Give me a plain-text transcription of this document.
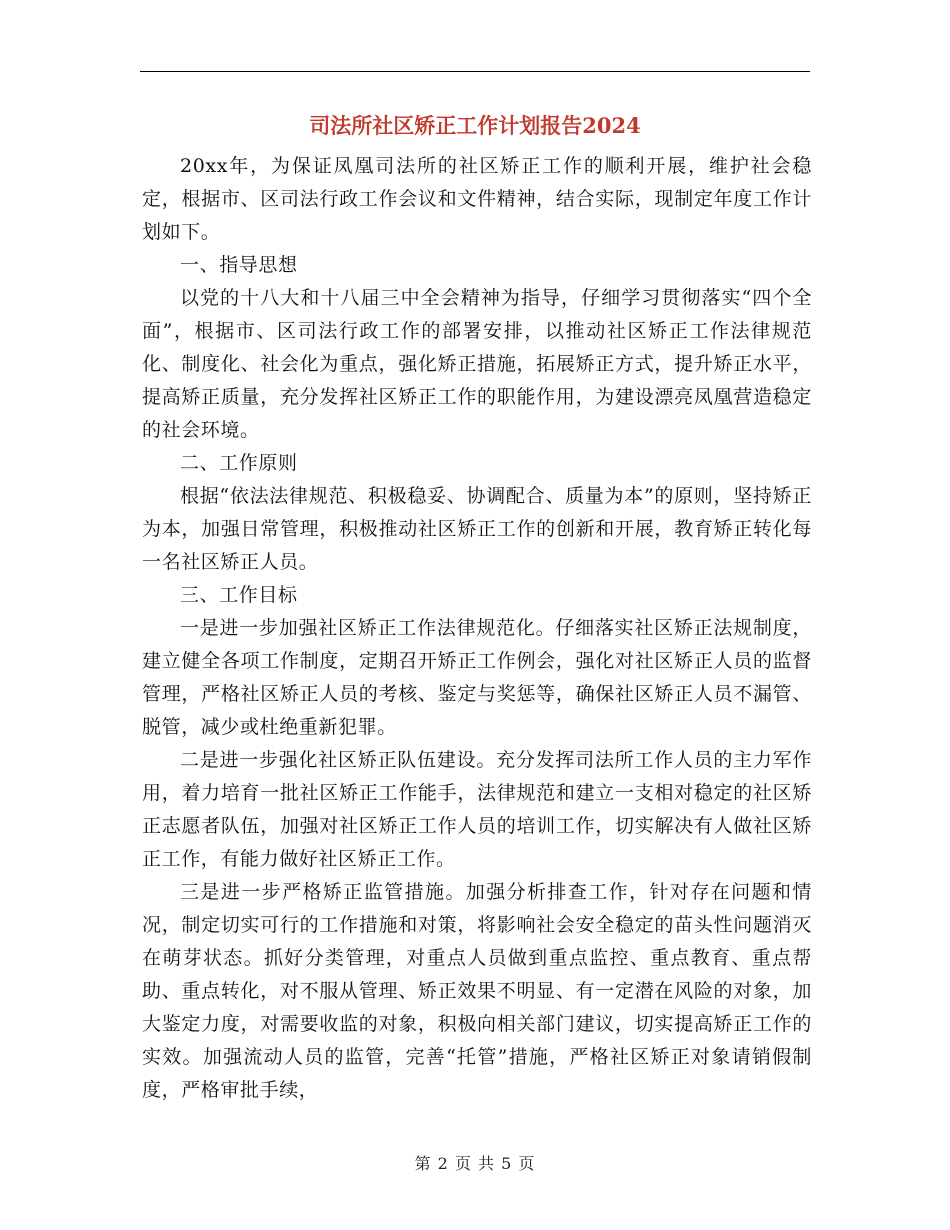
司法所社区矫正工作计划报告2024

20xx年，为保证凤凰司法所的社区矫正工作的顺利开展，维护社会稳定，根据市、区司法行政工作会议和文件精神，结合实际，现制定年度工作计划如下。

一、指导思想

以党的十八大和十八届三中全会精神为指导，仔细学习贯彻落实“四个全面”，根据市、区司法行政工作的部署安排，以推动社区矫正工作法律规范化、制度化、社会化为重点，强化矫正措施，拓展矫正方式，提升矫正水平，提高矫正质量，充分发挥社区矫正工作的职能作用，为建设漂亮凤凰营造稳定的社会环境。

二、工作原则

根据“依法法律规范、积极稳妥、协调配合、质量为本”的原则，坚持矫正为本，加强日常管理，积极推动社区矫正工作的创新和开展，教育矫正转化每一名社区矫正人员。

三、工作目标

一是进一步加强社区矫正工作法律规范化。仔细落实社区矫正法规制度，建立健全各项工作制度，定期召开矫正工作例会，强化对社区矫正人员的监督管理，严格社区矫正人员的考核、鉴定与奖惩等，确保社区矫正人员不漏管、脱管，减少或杜绝重新犯罪。

二是进一步强化社区矫正队伍建设。充分发挥司法所工作人员的主力军作用，着力培育一批社区矫正工作能手，法律规范和建立一支相对稳定的社区矫正志愿者队伍，加强对社区矫正工作人员的培训工作，切实解决有人做社区矫正工作，有能力做好社区矫正工作。

三是进一步严格矫正监管措施。加强分析排查工作，针对存在问题和情况，制定切实可行的工作措施和对策，将影响社会安全稳定的苗头性问题消灭在萌芽状态。抓好分类管理，对重点人员做到重点监控、重点教育、重点帮助、重点转化，对不服从管理、矫正效果不明显、有一定潜在风险的对象，加大鉴定力度，对需要收监的对象，积极向相关部门建议，切实提高矫正工作的实效。加强流动人员的监管，完善“托管”措施，严格社区矫正对象请销假制度，严格审批手续，

第 2 页 共 5 页
